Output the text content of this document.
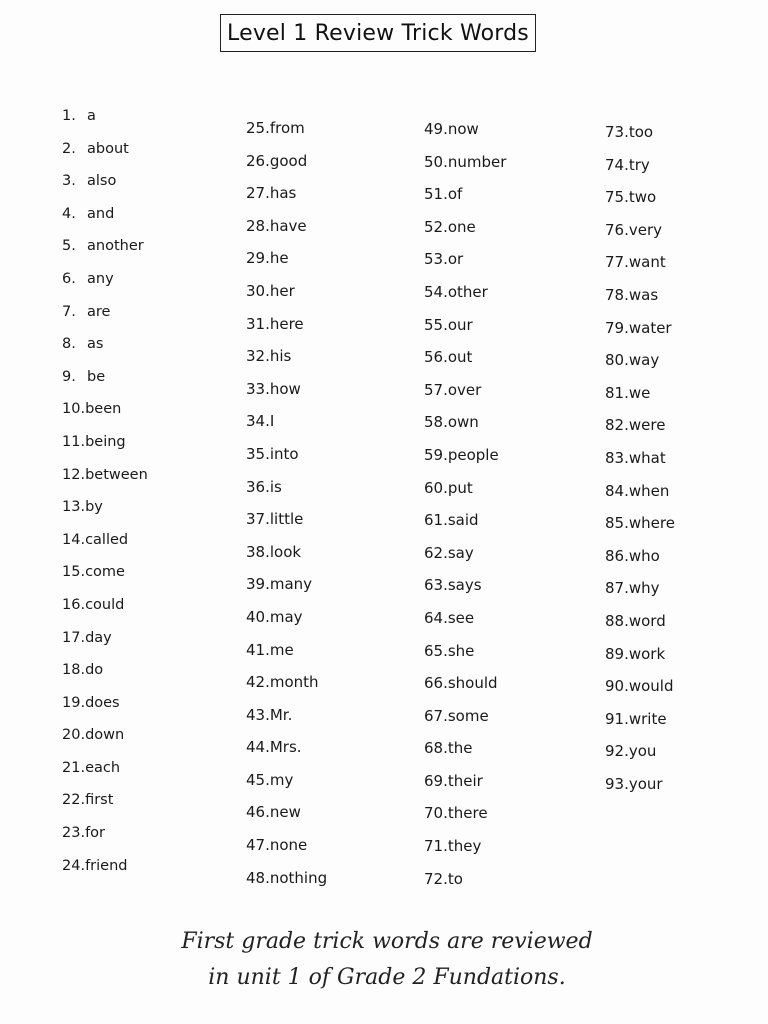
Level 1 Review Trick Words
1. a
2. about
3. also
4. and
5. another
6. any
7. are
8. as
9. be
10.been
11.being
12.between
13.by
14.called
15.come
16.could
17.day
18.do
19.does
20.down
21.each
22.first
23.for
24.friend
25.from
26.good
27.has
28.have
29.he
30.her
31.here
32.his
33.how
34.I
35.into
36.is
37.little
38.look
39.many
40.may
41.me
42.month
43.Mr.
44.Mrs.
45.my
46.new
47.none
48.nothing
49.now
50.number
51.of
52.one
53.or
54.other
55.our
56.out
57.over
58.own
59.people
60.put
61.said
62.say
63.says
64.see
65.she
66.should
67.some
68.the
69.their
70.there
71.they
72.to
73.too
74.try
75.two
76.very
77.want
78.was
79.water
80.way
81.we
82.were
83.what
84.when
85.where
86.who
87.why
88.word
89.work
90.would
91.write
92.you
93.your
First grade trick words are reviewed
in unit 1 of Grade 2 Fundations.
